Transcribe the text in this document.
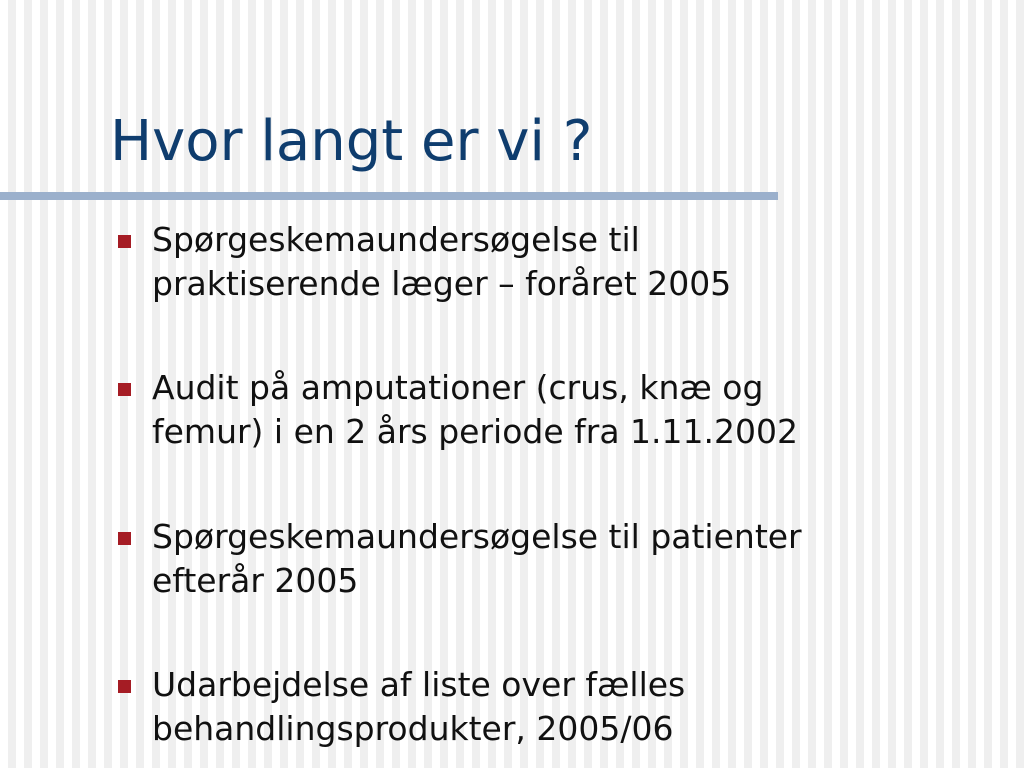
Hvor langt er vi ?
Spørgeskemaundersøgelse til
praktiserende læger – foråret 2005
Audit på amputationer (crus, knæ og
femur) i en 2 års periode fra 1.11.2002
Spørgeskemaundersøgelse til patienter
efterår 2005
Udarbejdelse af liste over fælles
behandlingsprodukter, 2005/06
